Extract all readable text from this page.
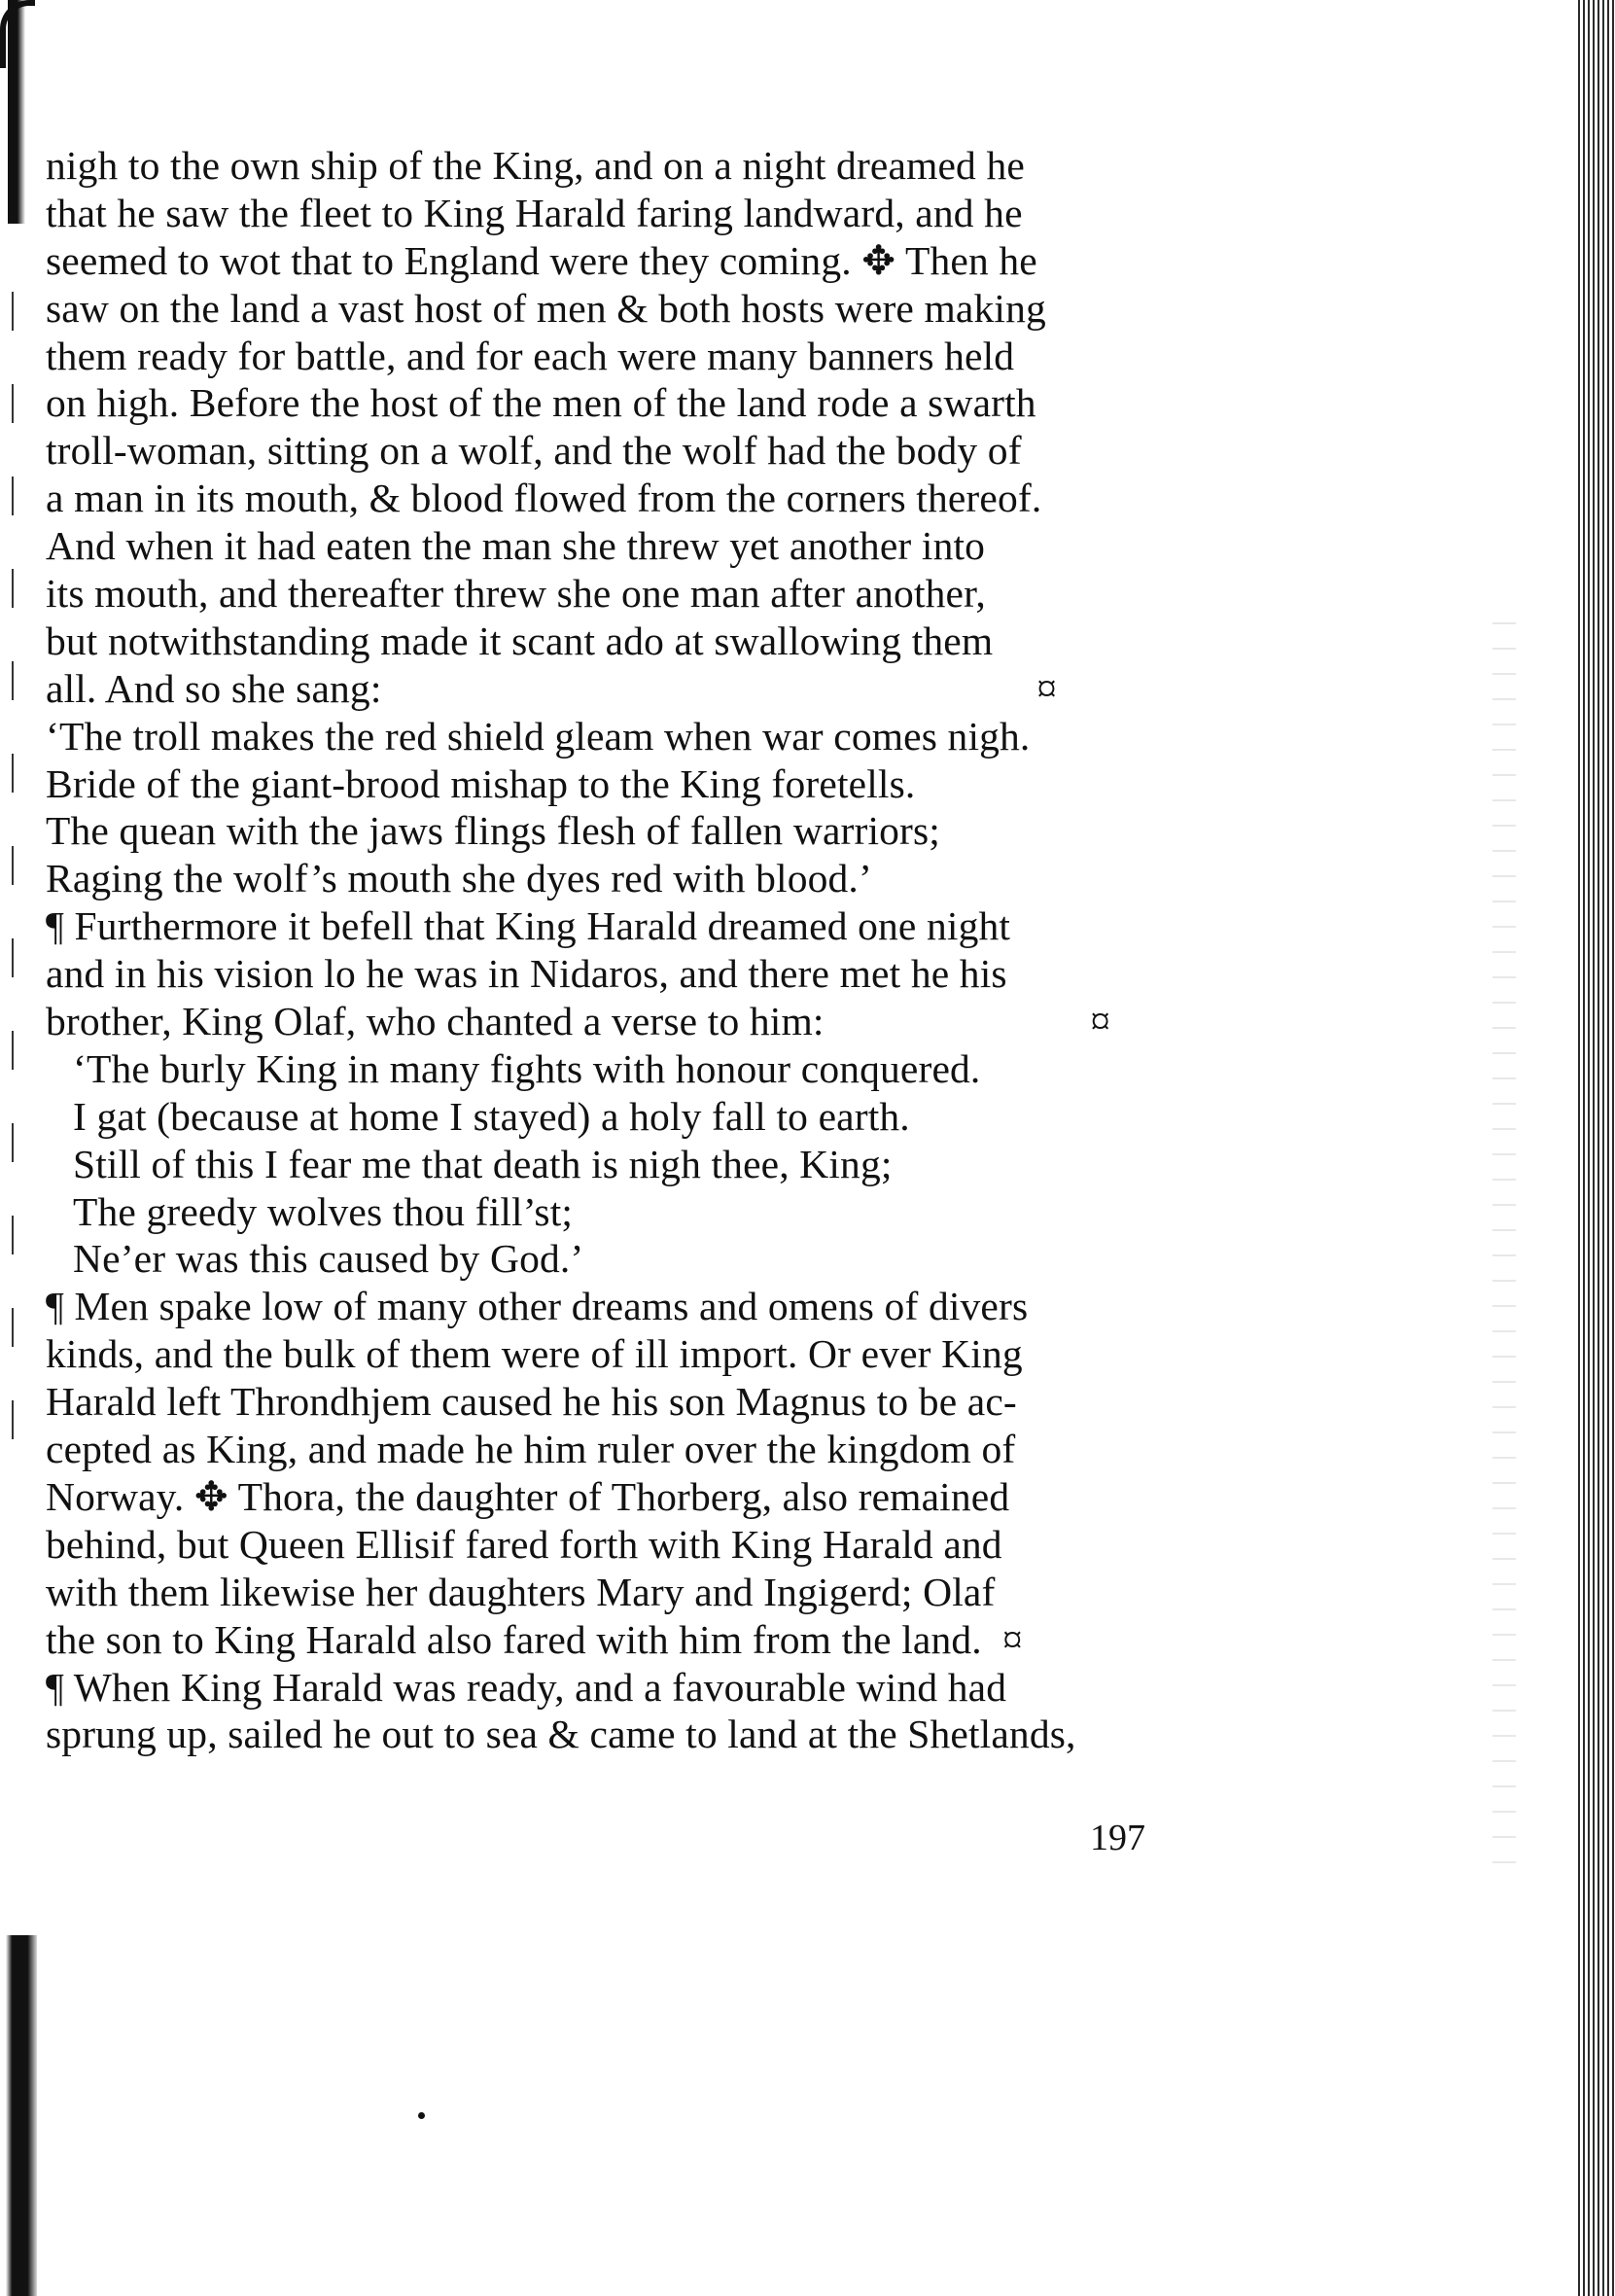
nigh to the own ship of the King, and on a night dreamed he
that he saw the fleet to King Harald faring landward, and he
seemed to wot that to England were they coming. ✥ Then he
saw on the land a vast host of men & both hosts were making
them ready for battle, and for each were many banners held
on high. Before the host of the men of the land rode a swarth
troll-woman, sitting on a wolf, and the wolf had the body of
a man in its mouth, & blood flowed from the corners thereof.
And when it had eaten the man she threw yet another into
its mouth, and thereafter threw she one man after another,
but notwithstanding made it scant ado at swallowing them
all. And so she sang:                                                                ¤
‘The troll makes the red shield gleam when war comes nigh.
Bride of the giant-brood mishap to the King foretells.
The quean with the jaws flings flesh of fallen warriors;
Raging the wolf’s mouth she dyes red with blood.’
¶ Furthermore it befell that King Harald dreamed one night
and in his vision lo he was in Nidaros, and there met he his
brother, King Olaf, who chanted a verse to him:                          ¤
‘The burly King in many fights with honour conquered.
I gat (because at home I stayed) a holy fall to earth.
Still of this I fear me that death is nigh thee, King;
The greedy wolves thou fill’st;
Ne’er was this caused by God.’
¶ Men spake low of many other dreams and omens of divers
kinds, and the bulk of them were of ill import. Or ever King
Harald left Throndhjem caused he his son Magnus to be ac-
cepted as King, and made he him ruler over the kingdom of
Norway. ✥ Thora, the daughter of Thorberg, also remained
behind, but Queen Ellisif fared forth with King Harald and
with them likewise her daughters Mary and Ingigerd; Olaf
the son to King Harald also fared with him from the land.  ¤
¶ When King Harald was ready, and a favourable wind had
sprung up, sailed he out to sea & came to land at the Shetlands,
197
